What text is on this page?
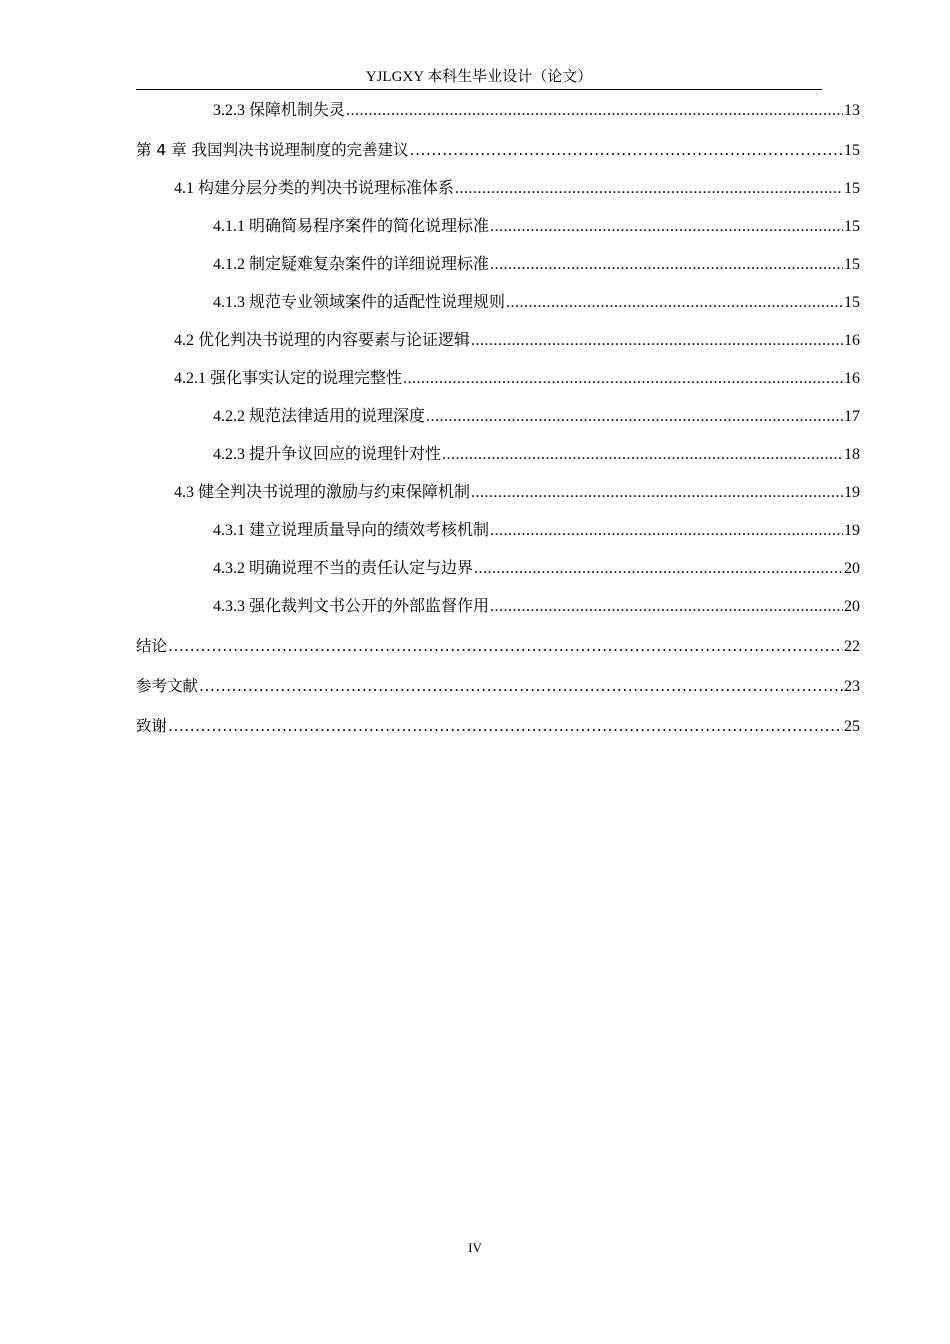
YJLGXY 本科生毕业设计（论文）
3.2.3 保障机制失灵 .....	13
第 4 章 我国判决书说理制度的完善建议 .....	15
4.1 构建分层分类的判决书说理标准体系 .....	15
4.1.1 明确简易程序案件的简化说理标准 .....	15
4.1.2 制定疑难复杂案件的详细说理标准 .....	15
4.1.3 规范专业领域案件的适配性说理规则 .....	15
4.2 优化判决书说理的内容要素与论证逻辑 .....	16
4.2.1 强化事实认定的说理完整性 .....	16
4.2.2 规范法律适用的说理深度 .....	17
4.2.3 提升争议回应的说理针对性 .....	18
4.3 健全判决书说理的激励与约束保障机制 .....	19
4.3.1 建立说理质量导向的绩效考核机制 .....	19
4.3.2 明确说理不当的责任认定与边界 .....	20
4.3.3 强化裁判文书公开的外部监督作用 .....	20
结论 .....	22
参考文献 .....	23
致谢 .....	25
IV
